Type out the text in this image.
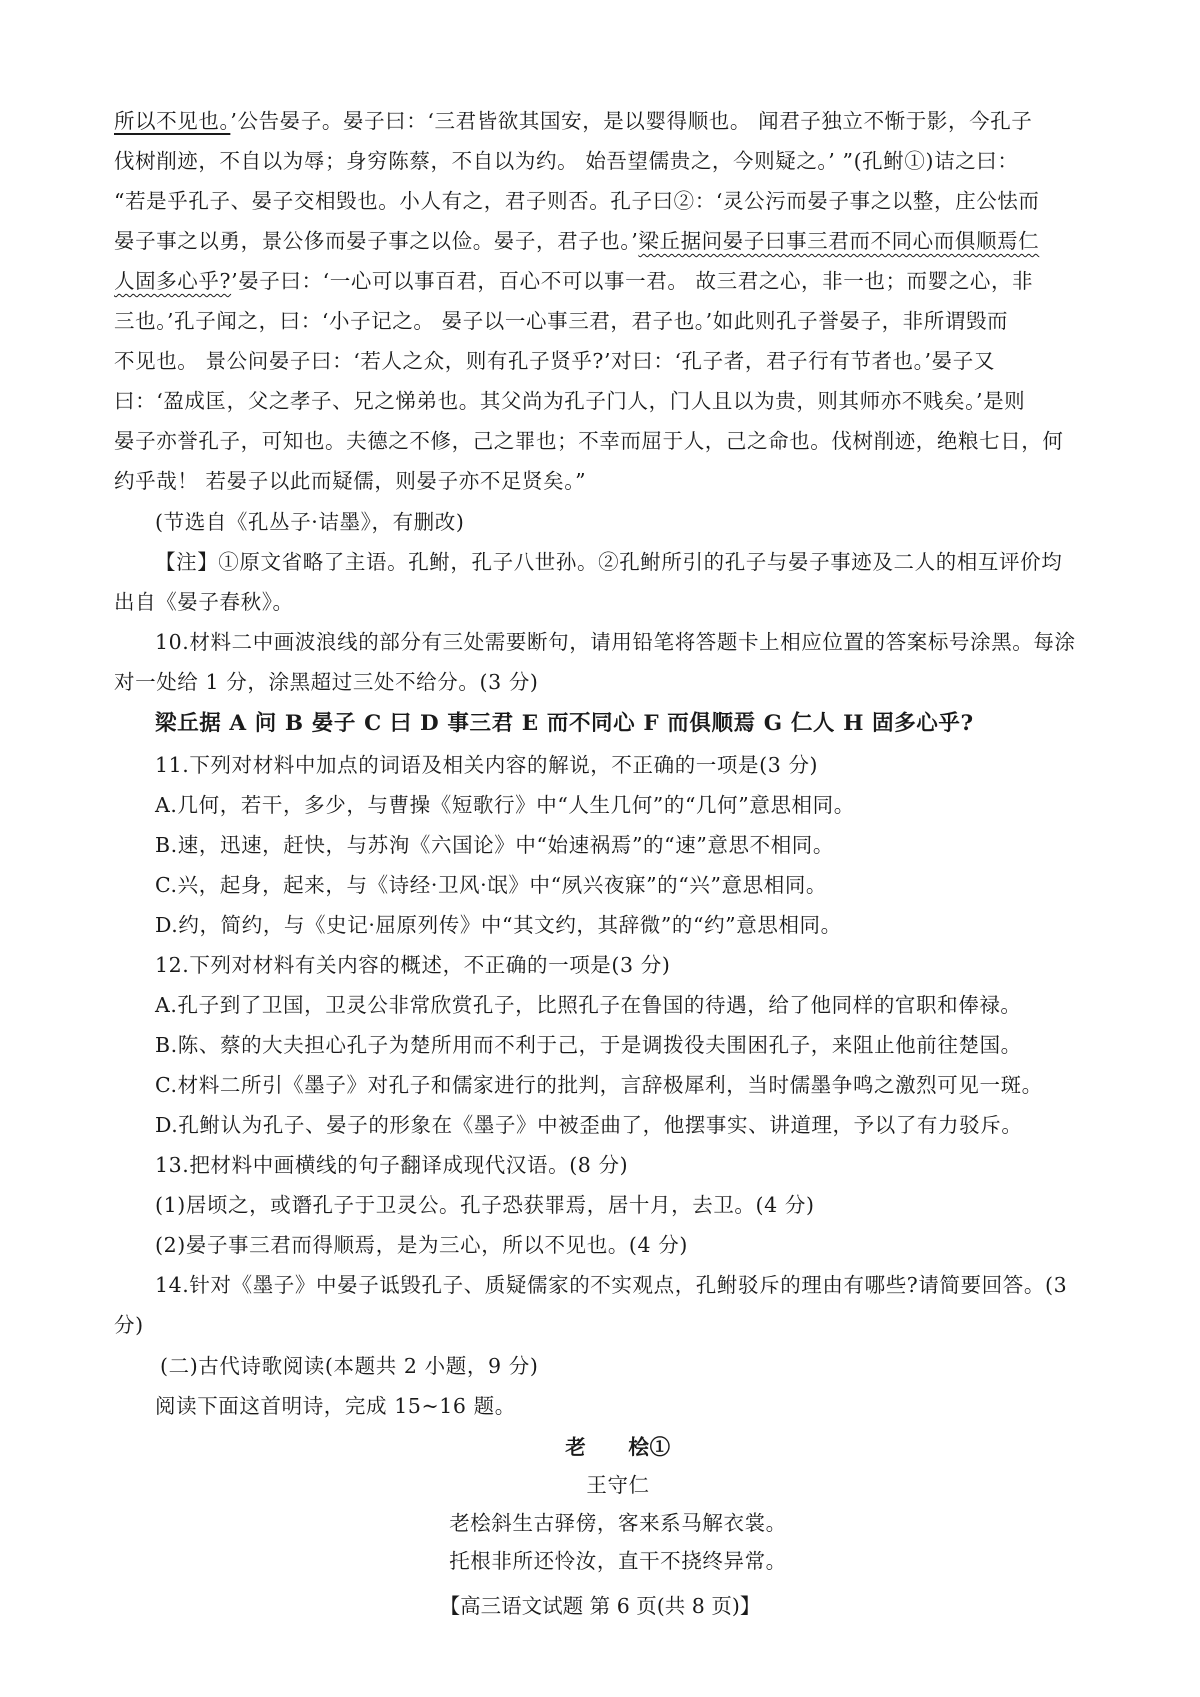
所以不见也。’公告晏子。晏子曰：‘三君皆欲其国安，是以婴得顺也。 闻君子独立不惭于影，今孔子
伐树削迹，不自以为辱；身穷陈蔡，不自以为约。 始吾望儒贵之，今则疑之。’ ”(孔鲋①)诘之曰：
“若是乎孔子、晏子交相毁也。小人有之，君子则否。孔子曰②：‘灵公污而晏子事之以整，庄公怯而
晏子事之以勇，景公侈而晏子事之以俭。晏子，君子也。’梁丘据问晏子曰事三君而不同心而俱顺焉仁
人固多心乎?’晏子曰：‘一心可以事百君，百心不可以事一君。 故三君之心，非一也；而婴之心，非
三也。’孔子闻之，曰：‘小子记之。 晏子以一心事三君，君子也。’如此则孔子誉晏子，非所谓毁而
不见也。 景公问晏子曰：‘若人之众，则有孔子贤乎?’对曰：‘孔子者，君子行有节者也。’晏子又
曰：‘盈成匡，父之孝子、兄之悌弟也。其父尚为孔子门人，门人且以为贵，则其师亦不贱矣。’是则
晏子亦誉孔子，可知也。夫德之不修，己之罪也；不幸而屈于人，己之命也。伐树削迹，绝粮七日，何
约乎哉！ 若晏子以此而疑儒，则晏子亦不足贤矣。”
(节选自《孔丛子·诘墨》，有删改)
【注】①原文省略了主语。孔鲋，孔子八世孙。②孔鲋所引的孔子与晏子事迹及二人的相互评价均
出自《晏子春秋》。
10.材料二中画波浪线的部分有三处需要断句，请用铅笔将答题卡上相应位置的答案标号涂黑。每涂
对一处给 1 分，涂黑超过三处不给分。(3 分)
梁丘据 A 问 B 晏子 C 曰 D 事三君 E 而不同心 F 而俱顺焉 G 仁人 H 固多心乎?
11.下列对材料中加点的词语及相关内容的解说，不正确的一项是(3 分)
A.几何，若干，多少，与曹操《短歌行》中“人生几何”的“几何”意思相同。
B.速，迅速，赶快，与苏洵《六国论》中“始速祸焉”的“速”意思不相同。
C.兴，起身，起来，与《诗经·卫风·氓》中“夙兴夜寐”的“兴”意思相同。
D.约，简约，与《史记·屈原列传》中“其文约，其辞微”的“约”意思相同。
12.下列对材料有关内容的概述，不正确的一项是(3 分)
A.孔子到了卫国，卫灵公非常欣赏孔子，比照孔子在鲁国的待遇，给了他同样的官职和俸禄。
B.陈、蔡的大夫担心孔子为楚所用而不利于己，于是调拨役夫围困孔子，来阻止他前往楚国。
C.材料二所引《墨子》对孔子和儒家进行的批判，言辞极犀利，当时儒墨争鸣之激烈可见一斑。
D.孔鲋认为孔子、晏子的形象在《墨子》中被歪曲了，他摆事实、讲道理，予以了有力驳斥。
13.把材料中画横线的句子翻译成现代汉语。(8 分)
(1)居顷之，或谮孔子于卫灵公。孔子恐获罪焉，居十月，去卫。(4 分)
(2)晏子事三君而得顺焉，是为三心，所以不见也。(4 分)
14.针对《墨子》中晏子诋毁孔子、质疑儒家的不实观点，孔鲋驳斥的理由有哪些?请简要回答。(3
分)
(二)古代诗歌阅读(本题共 2 小题，9 分)
阅读下面这首明诗，完成 15~16 题。
老　　桧①
王守仁
老桧斜生古驿傍，客来系马解衣裳。
托根非所还怜汝，直干不挠终异常。
【高三语文试题 第 6 页(共 8 页)】
